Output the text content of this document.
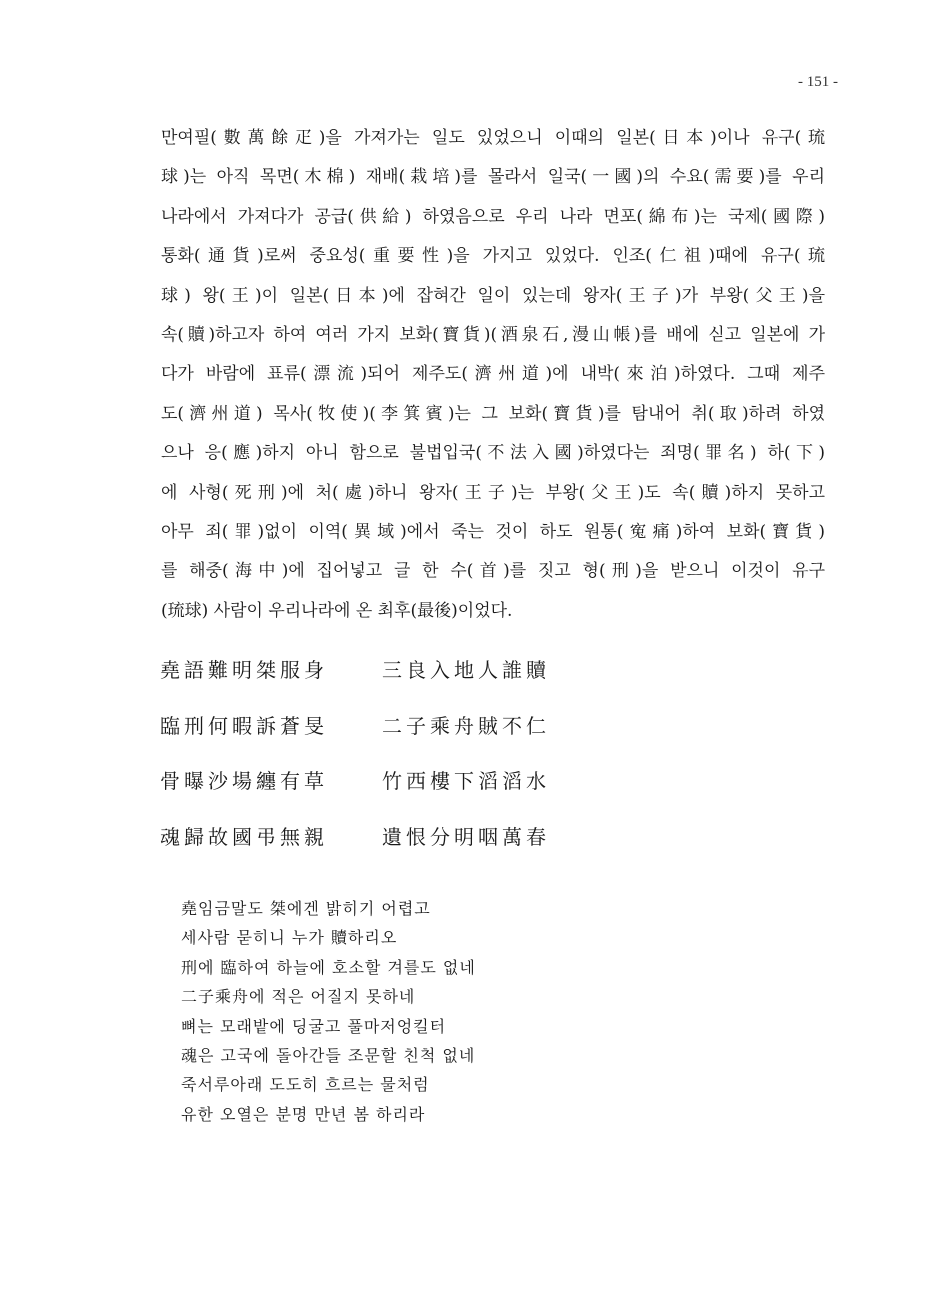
- 151 -
만여필(數萬餘疋)을 가져가는 일도 있었으니 이때의 일본(日本)이나 유구(琉
球)는 아직 목면(木棉) 재배(栽培)를 몰라서 일국(一國)의 수요(需要)를 우리
나라에서 가져다가 공급(供給) 하였음으로 우리 나라 면포(綿布)는 국제(國際)
통화(通貨)로써 중요성(重要性)을 가지고 있었다. 인조(仁祖)때에 유구(琉
球) 왕(王)이 일본(日本)에 잡혀간 일이 있는데 왕자(王子)가 부왕(父王)을
속(贖)하고자 하여 여러 가지 보화(寶貨)(酒泉石,漫山帳)를 배에 싣고 일본에 가
다가 바람에 표류(漂流)되어 제주도(濟州道)에 내박(來泊)하였다. 그때 제주
도(濟州道) 목사(牧使)(李箕賓)는 그 보화(寶貨)를 탐내어 취(取)하려 하였
으나 응(應)하지 아니 함으로 불법입국(不法入國)하였다는 죄명(罪名) 하(下)
에 사형(死刑)에 처(處)하니 왕자(王子)는 부왕(父王)도 속(贖)하지 못하고
아무 죄(罪)없이 이역(異域)에서 죽는 것이 하도 원통(寃痛)하여 보화(寶貨)
를 해중(海中)에 집어넣고 글 한 수(首)를 짓고 형(刑)을 받으니 이것이 유구
(琉球) 사람이 우리나라에 온 최후(最後)이었다.
堯語難明桀服身	三良入地人誰贖
臨刑何暇訴蒼旻	二子乘舟賊不仁
骨曝沙場纏有草	竹西樓下滔滔水
魂歸故國弔無親	遺恨分明咽萬春
堯임금말도 桀에겐 밝히기 어렵고
세사람 묻히니 누가 贖하리오
刑에 臨하여 하늘에 호소할 겨를도 없네
二子乘舟에 적은 어질지 못하네
뼈는 모래밭에 딩굴고 풀마저엉킬터
魂은 고국에 돌아간들 조문할 친척 없네
죽서루아래 도도히 흐르는 물처럼
유한 오열은 분명 만년 봄 하리라
